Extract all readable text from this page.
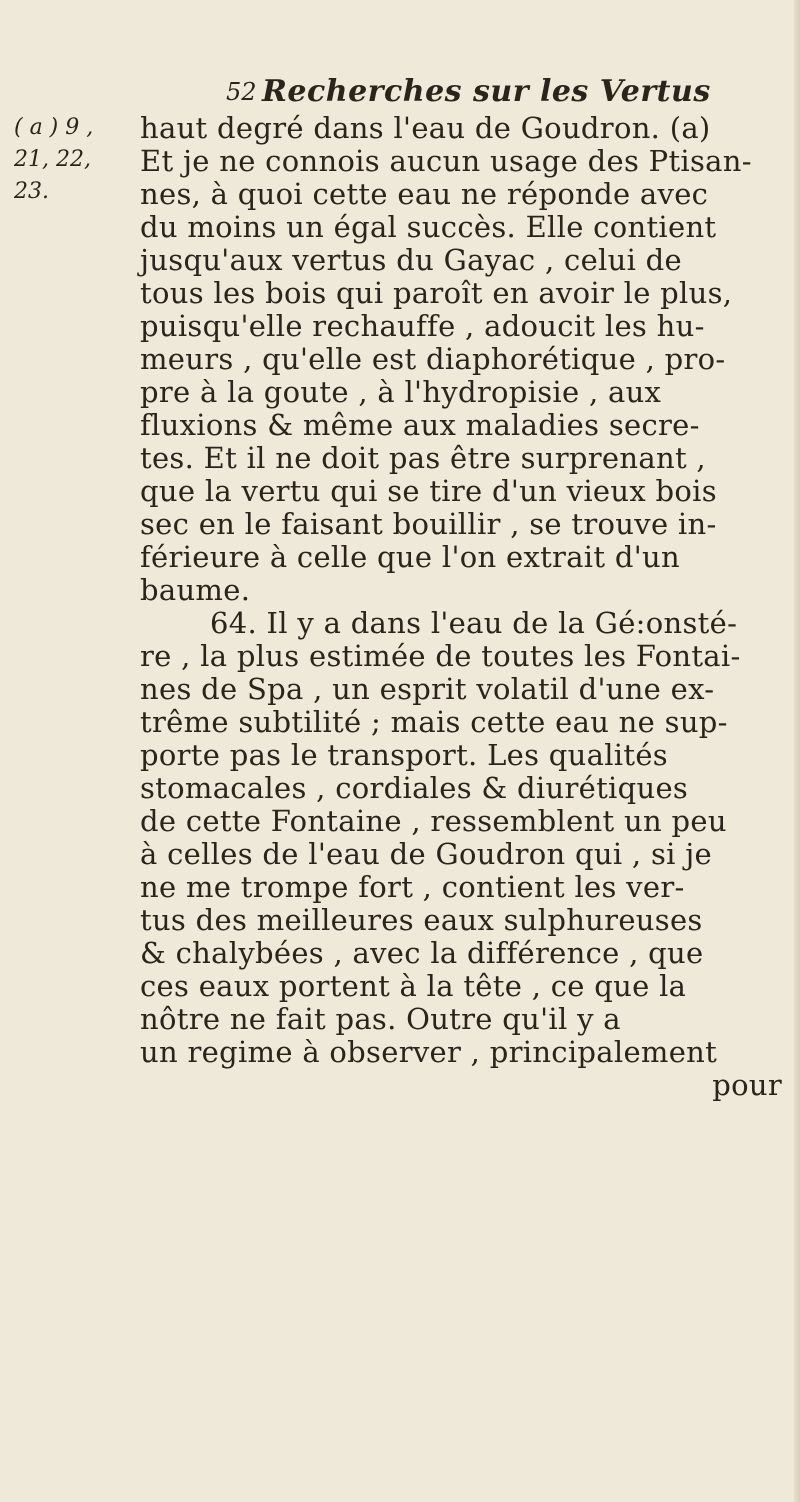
52 Recherches sur les Vertus
( a ) 9 ,
21, 22,
23.
haut degré dans l'eau de Goudron. (a)
Et je ne connois aucun usage des Ptisan-
nes, à quoi cette eau ne réponde avec
du moins un égal succès. Elle contient
jusqu'aux vertus du Gayac , celui de
tous les bois qui paroît en avoir le plus,
puisqu'elle rechauffe , adoucit les hu-
meurs , qu'elle est diaphorétique , pro-
pre à la goute , à l'hydropisie , aux
fluxions & même aux maladies secre-
tes. Et il ne doit pas être surprenant ,
que la vertu qui se tire d'un vieux bois
sec en le faisant bouillir , se trouve in-
férieure à celle que l'on extrait d'un
baume.
64. Il y a dans l'eau de la Gé:onsté-
re , la plus estimée de toutes les Fontai-
nes de Spa , un esprit volatil d'une ex-
trême subtilité ; mais cette eau ne sup-
porte pas le transport. Les qualités
stomacales , cordiales & diurétiques
de cette Fontaine , ressemblent un peu
à celles de l'eau de Goudron qui , si je
ne me trompe fort , contient les ver-
tus des meilleures eaux sulphureuses
& chalybées , avec la différence , que
ces eaux portent à la tête , ce que la
nôtre ne fait pas. Outre qu'il y a
un regime à observer , principalement
pour
